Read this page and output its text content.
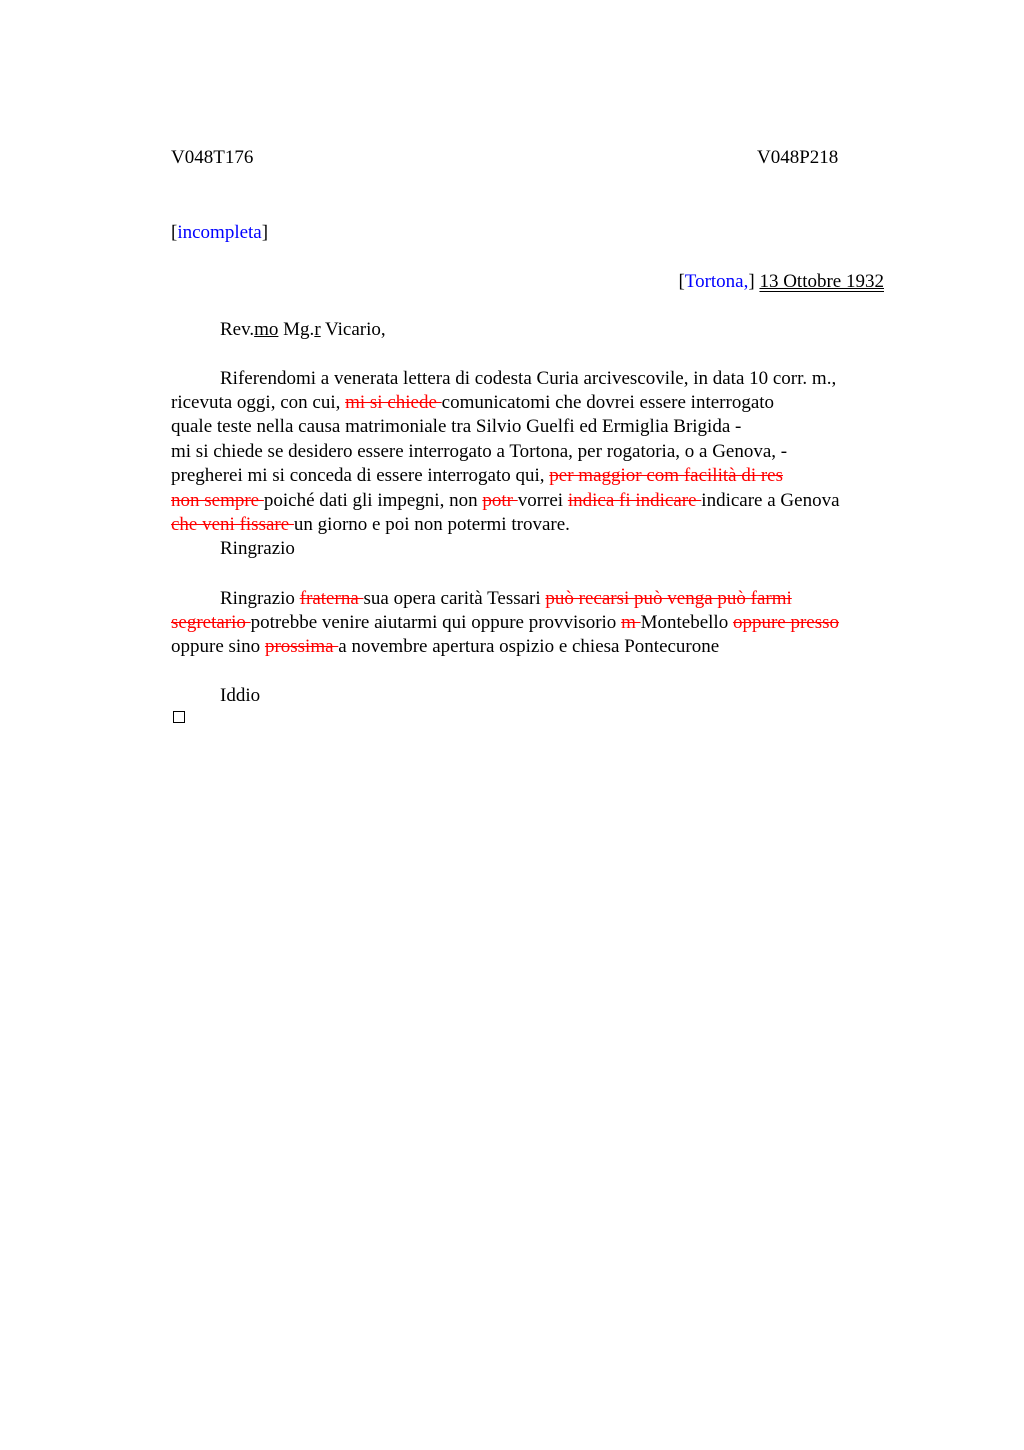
V048T176	V048P218
[incompleta]
[Tortona,] 13 Ottobre 1932
Rev.mo Mg.r Vicario,
Riferendomi a venerata lettera di codesta Curia arcivescovile, in data 10 corr. m.,
ricevuta oggi, con cui, mi si chiede comunicatomi che dovrei essere interrogato
quale teste nella causa matrimoniale tra Silvio Guelfi ed Ermiglia Brigida -
mi si chiede se desidero essere interrogato a Tortona, per rogatoria, o a Genova, -
pregherei mi si conceda di essere interrogato qui, per maggior com facilità di res
non sempre poiché dati gli impegni, non potr vorrei indica fi indicare indicare a Genova
che veni fissare un giorno e poi non potermi trovare.
Ringrazio
Ringrazio fraterna sua opera carità Tessari può recarsi può venga può farmi
segretario potrebbe venire aiutarmi qui oppure provvisorio m Montebello oppure presso
oppure sino prossima a novembre apertura ospizio e chiesa Pontecurone
Iddio
